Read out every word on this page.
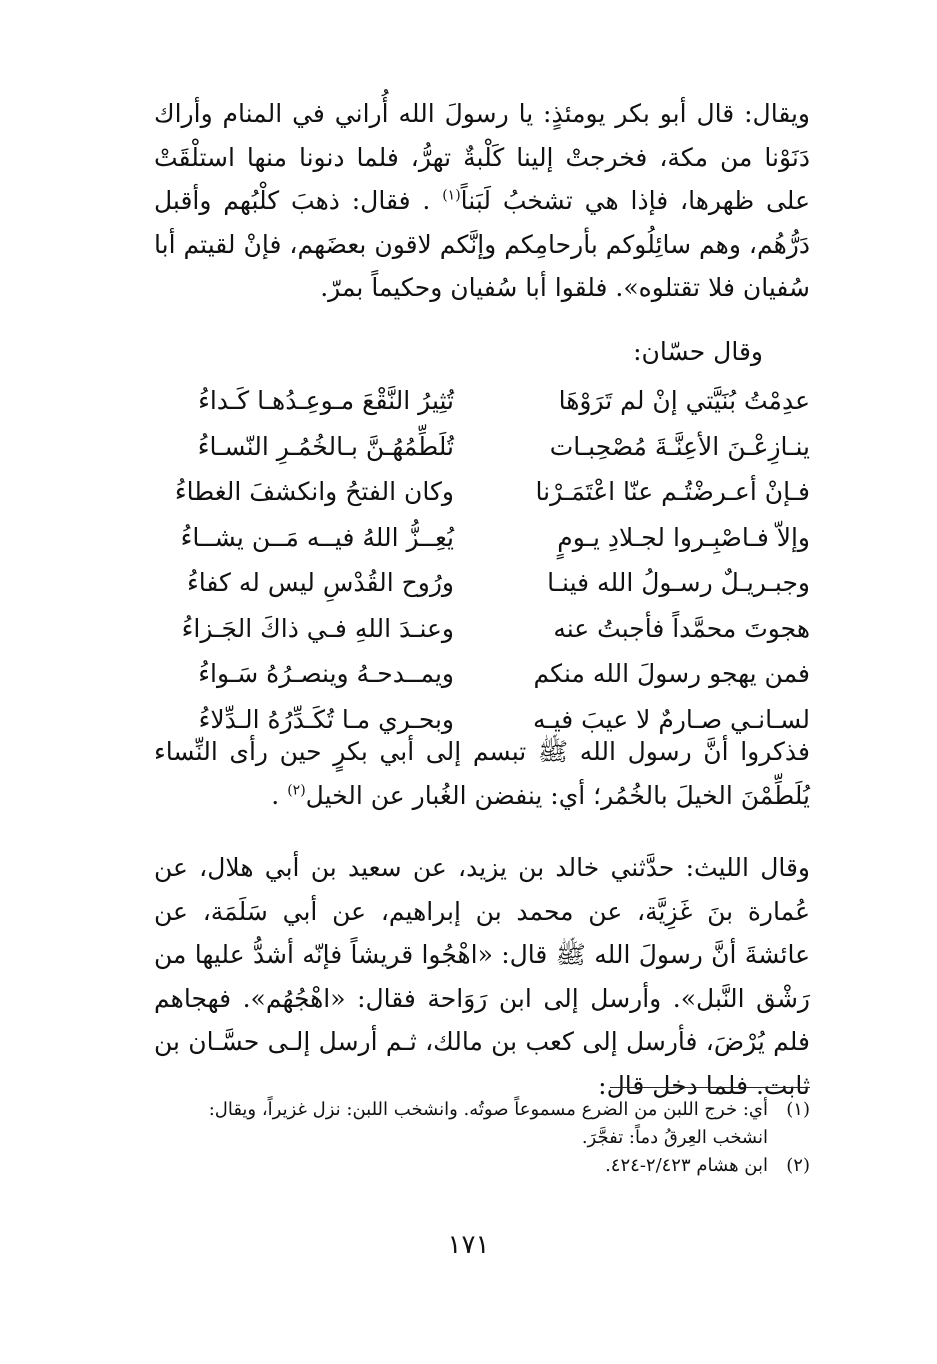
ويقال: قال أبو بكر يومئذٍ: يا رسولَ الله أُراني في المنام وأراك دَنَوْنا من مكة، فخرجتْ إلينا كَلْبةٌ تهرُّ، فلما دنونا منها استلْقَتْ على ظهرها، فإذا هي تشخبُ لَبَناً$^{(١)}$ . فقال: ذهبَ كلْبُهم وأقبل دَرُّهُم، وهم سائِلُوكم بأرحامِكم وإنَّكم لاقون بعضَهم، فإنْ لقيتم أبا سُفيان فلا تقتلوه». فلقوا أبا سُفيان وحكيماً بمرّ.

وقال حسّان:

عدِمْتُ بُنَيَّتي إنْ لم تَرَوْهَا
تُثِيرُ النَّقْعَ مـوعِـدُهـا كَـداءُ
ينـازِعْـنَ الأعِنَّـةَ مُصْحِبـات
تُلَطِّمُهُـنَّ بـالخُمُـرِ النّسـاءُ
فـإنْ أعـرضْتُـم عنّا اعْتَمَـرْنا
وكان الفتحُ وانكشفَ الغطاءُ
وإلاّ فـاصْبِـروا لجـلادِ يـومٍ
يُعِــزُّ اللهُ فيــه مَــن يشــاءُ
وجبـريـلٌ رسـولُ الله فينـا
ورُوح القُدْسِ ليس له كفاءُ
هجوتَ محمَّداً فأجبتُ عنه
وعنـدَ اللهِ فـي ذاكَ الجَـزاءُ
فمن يهجو رسولَ الله منكم
ويمــدحـهُ وينصـرُهُ سَـواءُ
لسـانـي صـارمٌ لا عيبَ فيـه
وبحـري مـا تُكَـدِّرُهُ الـدِّلاءُ

فذكروا أنَّ رسول الله ﷺ تبسم إلى أبي بكرٍ حين رأى النِّساء يُلَطِّمْنَ الخيلَ بالخُمُر؛ أي: ينفضن الغُبار عن الخيل$^{(٢)}$ .

وقال الليث: حدَّثني خالد بن يزيد، عن سعيد بن أبي هلال، عن عُمارة بنَ غَزِيَّة، عن محمد بن إبراهيم، عن أبي سَلَمَة، عن عائشةَ أنَّ رسولَ الله ﷺ قال: «اهْجُوا قريشاً فإنّه أشدُّ عليها من رَشْق النَّبل». وأرسل إلى ابن رَوَاحة فقال: «اهْجُهُم». فهجاهم فلم يُرْضَ، فأرسل إلى كعب بن مالك، ثـم أرسل إلـى حسَّـان بن ثابت. فلما دخل قال:

(١)
أي: خرج اللبن من الضرع مسموعاً صوتُه. وانشخب اللبن: نزل غزيراً، ويقال: انشخب العِرقُ دماً: تفجَّرَ.
(٢)
ابن هشام ٢/٤٢٣-٤٢٤.
١٧١
